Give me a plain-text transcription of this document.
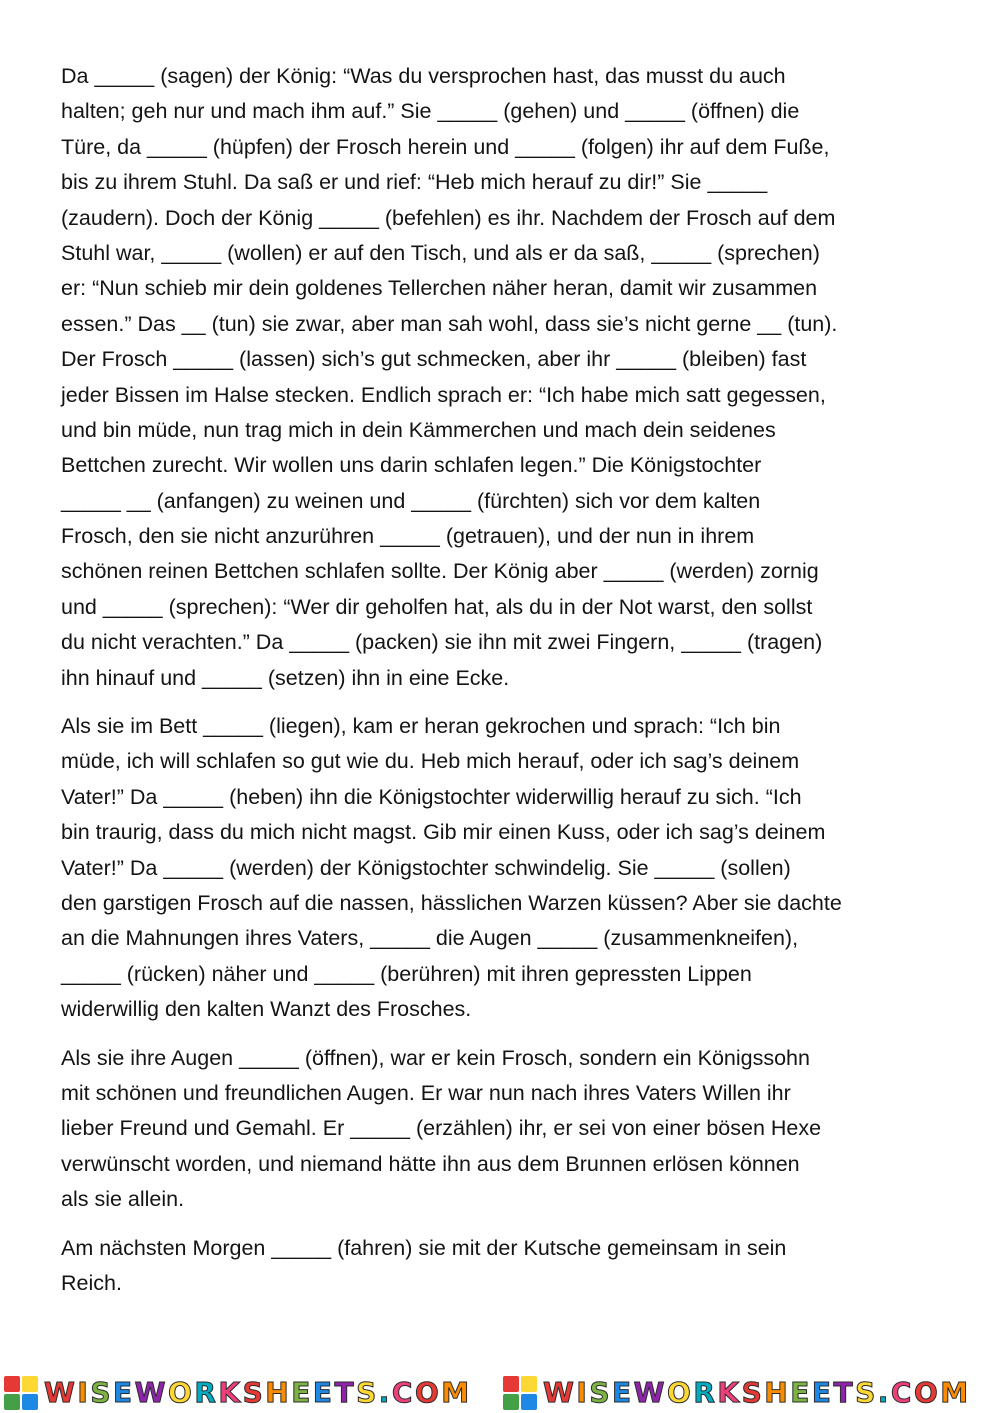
Da _____ (sagen) der König: “Was du versprochen hast, das musst du auch
halten; geh nur und mach ihm auf.” Sie _____ (gehen) und _____ (öffnen) die
Türe, da _____ (hüpfen) der Frosch herein und _____ (folgen) ihr auf dem Fuße,
bis zu ihrem Stuhl. Da saß er und rief: “Heb mich herauf zu dir!” Sie _____
(zaudern). Doch der König _____ (befehlen) es ihr. Nachdem der Frosch auf dem
Stuhl war, _____ (wollen) er auf den Tisch, und als er da saß, _____ (sprechen)
er: “Nun schieb mir dein goldenes Tellerchen näher heran, damit wir zusammen
essen.” Das __ (tun) sie zwar, aber man sah wohl, dass sie’s nicht gerne __ (tun).
Der Frosch _____ (lassen) sich’s gut schmecken, aber ihr _____ (bleiben) fast
jeder Bissen im Halse stecken. Endlich sprach er: “Ich habe mich satt gegessen,
und bin müde, nun trag mich in dein Kämmerchen und mach dein seidenes
Bettchen zurecht. Wir wollen uns darin schlafen legen.” Die Königstochter
_____ __ (anfangen) zu weinen und _____ (fürchten) sich vor dem kalten
Frosch, den sie nicht anzurühren _____ (getrauen), und der nun in ihrem
schönen reinen Bettchen schlafen sollte. Der König aber _____ (werden) zornig
und _____ (sprechen): “Wer dir geholfen hat, als du in der Not warst, den sollst
du nicht verachten.” Da _____ (packen) sie ihn mit zwei Fingern, _____ (tragen)
ihn hinauf und _____ (setzen) ihn in eine Ecke.
Als sie im Bett _____ (liegen), kam er heran gekrochen und sprach: “Ich bin
müde, ich will schlafen so gut wie du. Heb mich herauf, oder ich sag’s deinem
Vater!” Da _____ (heben) ihn die Königstochter widerwillig herauf zu sich. “Ich
bin traurig, dass du mich nicht magst. Gib mir einen Kuss, oder ich sag’s deinem
Vater!” Da _____ (werden) der Königstochter schwindelig. Sie _____ (sollen)
den garstigen Frosch auf die nassen, hässlichen Warzen küssen? Aber sie dachte
an die Mahnungen ihres Vaters, _____ die Augen _____ (zusammenkneifen),
_____ (rücken) näher und _____ (berühren) mit ihren gepressten Lippen
widerwillig den kalten Wanzt des Frosches.
Als sie ihre Augen _____ (öffnen), war er kein Frosch, sondern ein Königssohn
mit schönen und freundlichen Augen. Er war nun nach ihres Vaters Willen ihr
lieber Freund und Gemahl. Er _____ (erzählen) ihr, er sei von einer bösen Hexe
verwünscht worden, und niemand hätte ihn aus dem Brunnen erlösen können
als sie allein.
Am nächsten Morgen _____ (fahren) sie mit der Kutsche gemeinsam in sein
Reich.
WISEWORKSHEETS.COM	WISEWORKSHEETS.COM
